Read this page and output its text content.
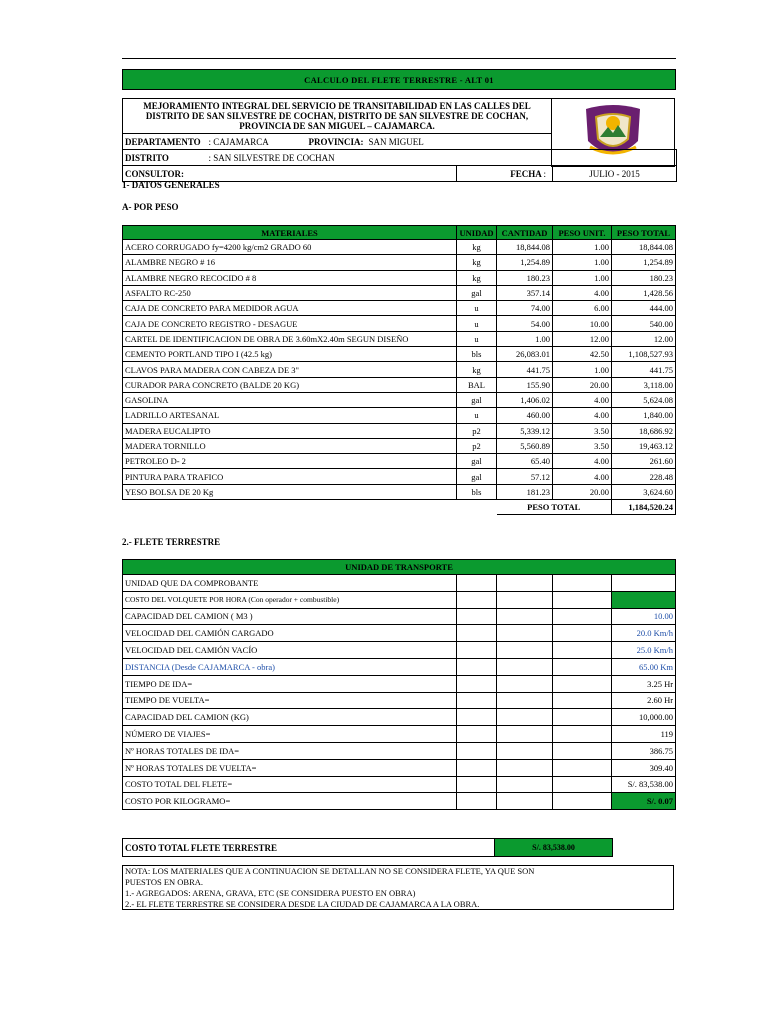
CALCULO DEL FLETE TERRESTRE - ALT 01
MEJORAMIENTO INTEGRAL DEL SERVICIO DE TRANSITABILIDAD EN LAS CALLES DEL
DISTRITO DE SAN SILVESTRE DE COCHAN, DISTRITO DE SAN SILVESTRE DE COCHAN,
PROVINCIA DE SAN MIGUEL – CAJAMARCA.
DEPARTAMENTO	: CAJAMARCA	PROVINCIA:	SAN MIGUEL	
DISTRITO	: SAN SILVESTRE DE COCHAN			
CONSULTOR:	FECHA :	JULIO - 2015
1- DATOS GENERALES
A- POR PESO
MATERIALES	UNIDAD	CANTIDAD	PESO UNIT.	PESO TOTAL
ACERO CORRUGADO fy=4200 kg/cm2 GRADO 60	kg	18,844.08	1.00	18,844.08
ALAMBRE NEGRO # 16	kg	1,254.89	1.00	1,254.89
ALAMBRE NEGRO RECOCIDO # 8	kg	180.23	1.00	180.23
ASFALTO RC-250	gal	357.14	4.00	1,428.56
CAJA DE CONCRETO PARA MEDIDOR AGUA	u	74.00	6.00	444.00
CAJA DE CONCRETO REGISTRO - DESAGUE	u	54.00	10.00	540.00
CARTEL DE IDENTIFICACION DE OBRA DE 3.60mX2.40m SEGUN DISEÑO	u	1.00	12.00	12.00
CEMENTO PORTLAND TIPO I (42.5 kg)	bls	26,083.01	42.50	1,108,527.93
CLAVOS PARA MADERA CON CABEZA DE 3"	kg	441.75	1.00	441.75
CURADOR PARA CONCRETO (BALDE 20 KG)	BAL	155.90	20.00	3,118.00
GASOLINA	gal	1,406.02	4.00	5,624.08
LADRILLO ARTESANAL	u	460.00	4.00	1,840.00
MADERA EUCALIPTO	p2	5,339.12	3.50	18,686.92
MADERA TORNILLO	p2	5,560.89	3.50	19,463.12
PETROLEO D- 2	gal	65.40	4.00	261.60
PINTURA PARA TRAFICO	gal	57.12	4.00	228.48
YESO BOLSA DE 20 Kg	bls	181.23	20.00	3,624.60
		PESO TOTAL		1,184,520.24
2.- FLETE TERRESTRE
UNIDAD DE TRANSPORTE				
UNIDAD QUE DA COMPROBANTE				
COSTO DEL VOLQUETE POR HORA (Con operador + combustible)				
CAPACIDAD DEL CAMION ( M3 )				10.00
VELOCIDAD DEL CAMIÓN CARGADO				20.0 Km/h
VELOCIDAD DEL CAMIÓN VACÍO				25.0 Km/h
DISTANCIA (Desde CAJAMARCA - obra)				65.00 Km
TIEMPO DE IDA=				3.25 Hr
TIEMPO DE VUELTA=				2.60 Hr
CAPACIDAD DEL CAMION (KG)				10,000.00
NÚMERO DE VIAJES=				119
Nº HORAS TOTALES DE IDA=				386.75
Nº HORAS TOTALES DE VUELTA=				309.40
COSTO TOTAL DEL FLETE=				S/. 83,538.00
COSTO POR KILOGRAMO=				S/. 0.07
COSTO TOTAL FLETE TERRESTRE	S/. 83,538.00
NOTA: LOS MATERIALES QUE A CONTINUACION SE DETALLAN NO SE CONSIDERA FLETE, YA QUE SON
PUESTOS EN OBRA.
1.- AGREGADOS: ARENA, GRAVA, ETC (SE CONSIDERA PUESTO EN OBRA)
2.- EL FLETE TERRESTRE SE CONSIDERA DESDE LA CIUDAD DE CAJAMARCA A LA OBRA.
